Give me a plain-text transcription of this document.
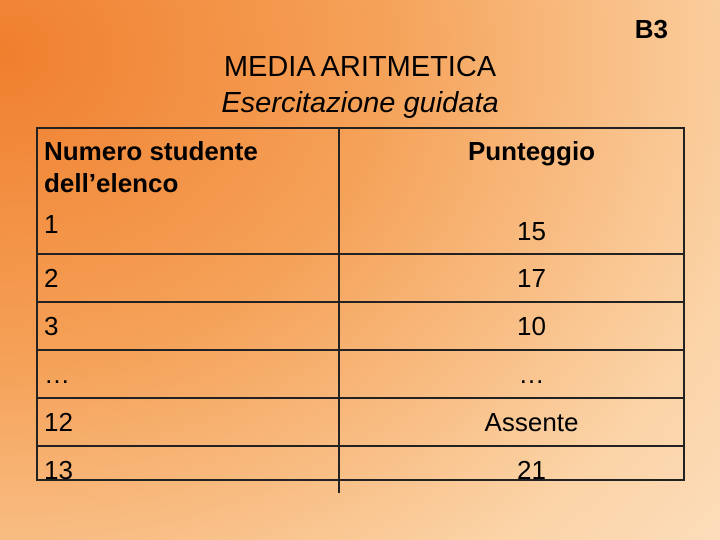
B3
MEDIA ARITMETICA
Esercitazione guidata
Numero studente dell’elenco	Punteggio
1	15
2	17
3	10
…	…
12	Assente
13	21
